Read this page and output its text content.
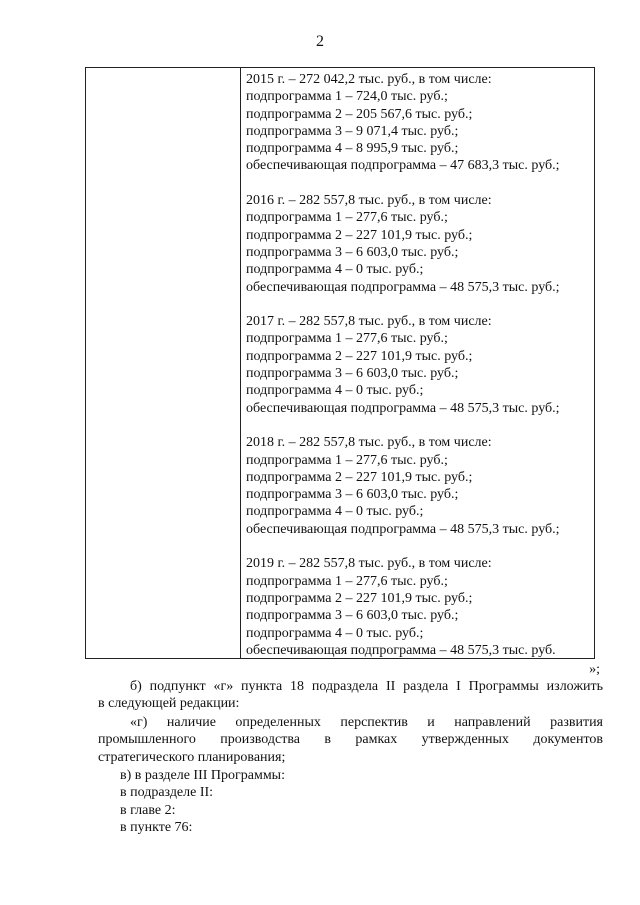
2
2015 г. – 272 042,2 тыс. руб., в том числе:
подпрограмма 1 – 724,0 тыс. руб.;
подпрограмма 2 – 205 567,6 тыс. руб.;
подпрограмма 3 – 9 071,4 тыс. руб.;
подпрограмма 4 – 8 995,9 тыс. руб.;
обеспечивающая подпрограмма – 47 683,3 тыс. руб.;
2016 г. – 282 557,8 тыс. руб., в том числе:
подпрограмма 1 – 277,6 тыс. руб.;
подпрограмма 2 – 227 101,9 тыс. руб.;
подпрограмма 3 – 6 603,0 тыс. руб.;
подпрограмма 4 – 0 тыс. руб.;
обеспечивающая подпрограмма – 48 575,3 тыс. руб.;
2017 г. – 282 557,8 тыс. руб., в том числе:
подпрограмма 1 – 277,6 тыс. руб.;
подпрограмма 2 – 227 101,9 тыс. руб.;
подпрограмма 3 – 6 603,0 тыс. руб.;
подпрограмма 4 – 0 тыс. руб.;
обеспечивающая подпрограмма – 48 575,3 тыс. руб.;
2018 г. – 282 557,8 тыс. руб., в том числе:
подпрограмма 1 – 277,6 тыс. руб.;
подпрограмма 2 – 227 101,9 тыс. руб.;
подпрограмма 3 – 6 603,0 тыс. руб.;
подпрограмма 4 – 0 тыс. руб.;
обеспечивающая подпрограмма – 48 575,3 тыс. руб.;
2019 г. – 282 557,8 тыс. руб., в том числе:
подпрограмма 1 – 277,6 тыс. руб.;
подпрограмма 2 – 227 101,9 тыс. руб.;
подпрограмма 3 – 6 603,0 тыс. руб.;
подпрограмма 4 – 0 тыс. руб.;
обеспечивающая подпрограмма – 48 575,3 тыс. руб.
»;

б) подпункт «г» пункта 18 подраздела II раздела I Программы изложить

в следующей редакции:

«г) наличие определенных перспектив и направлений развития

промышленного производства в рамках утвержденных документов

стратегического планирования;

в) в разделе III Программы:

в подразделе II:

в главе 2:

в пункте 76:
